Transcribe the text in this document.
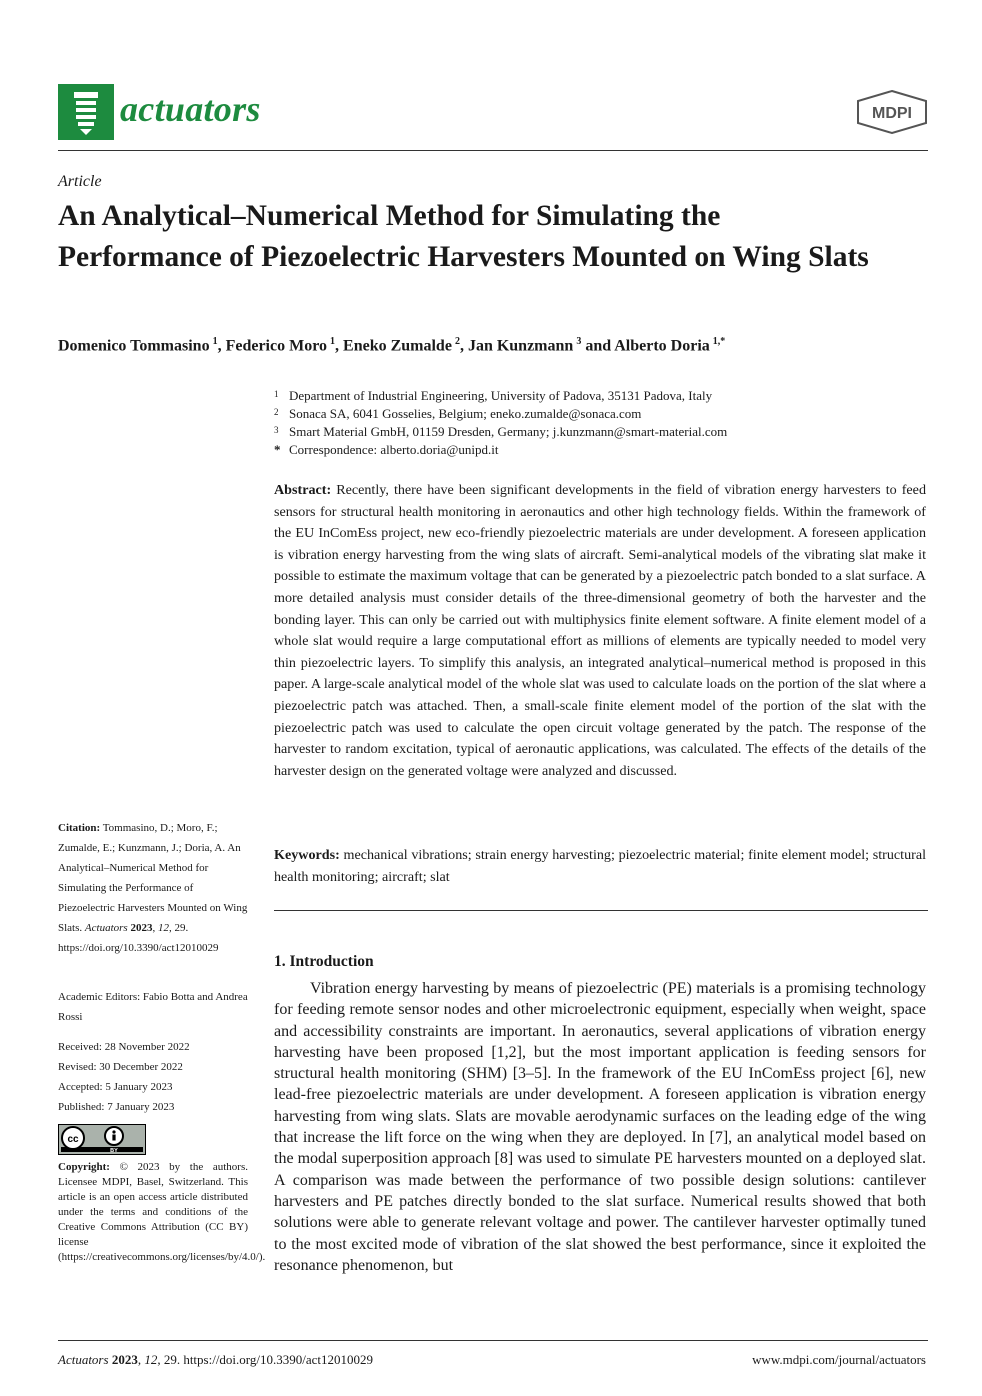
actuators	MDPI
Article
An Analytical–Numerical Method for Simulating the Performance of Piezoelectric Harvesters Mounted on Wing Slats
Domenico Tommasino $^1$, Federico Moro $^1$, Eneko Zumalde $^2$, Jan Kunzmann $^3$ and Alberto Doria $^{1,*}$
1 Department of Industrial Engineering, University of Padova, 35131 Padova, Italy
2 Sonaca SA, 6041 Gosselies, Belgium; eneko.zumalde@sonaca.com
3 Smart Material GmbH, 01159 Dresden, Germany; j.kunzmann@smart-material.com
* Correspondence: alberto.doria@unipd.it
Abstract: Recently, there have been significant developments in the field of vibration energy harvesters to feed sensors for structural health monitoring in aeronautics and other high technology fields. Within the framework of the EU InComEss project, new eco-friendly piezoelectric materials are under development. A foreseen application is vibration energy harvesting from the wing slats of aircraft. Semi-analytical models of the vibrating slat make it possible to estimate the maximum voltage that can be generated by a piezoelectric patch bonded to a slat surface. A more detailed analysis must consider details of the three-dimensional geometry of both the harvester and the bonding layer. This can only be carried out with multiphysics finite element software. A finite element model of a whole slat would require a large computational effort as millions of elements are typically needed to model very thin piezoelectric layers. To simplify this analysis, an integrated analytical–numerical method is proposed in this paper. A large-scale analytical model of the whole slat was used to calculate loads on the portion of the slat where a piezoelectric patch was attached. Then, a small-scale finite element model of the portion of the slat with the piezoelectric patch was used to calculate the open circuit voltage generated by the patch. The response of the harvester to random excitation, typical of aeronautic applications, was calculated. The effects of the details of the harvester design on the generated voltage were analyzed and discussed.
Keywords: mechanical vibrations; strain energy harvesting; piezoelectric material; finite element model; structural health monitoring; aircraft; slat
1. Introduction
Vibration energy harvesting by means of piezoelectric (PE) materials is a promising technology for feeding remote sensor nodes and other microelectronic equipment, especially when weight, space and accessibility constraints are important. In aeronautics, several applications of vibration energy harvesting have been proposed [1,2], but the most important application is feeding sensors for structural health monitoring (SHM) [3–5]. In the framework of the EU InComEss project [6], new lead-free piezoelectric materials are under development. A foreseen application is vibration energy harvesting from wing slats. Slats are movable aerodynamic surfaces on the leading edge of the wing that increase the lift force on the wing when they are deployed. In [7], an analytical model based on the modal superposition approach [8] was used to simulate PE harvesters mounted on a deployed slat. A comparison was made between the performance of two possible design solutions: cantilever harvesters and PE patches directly bonded to the slat surface. Numerical results showed that both solutions were able to generate relevant voltage and power. The cantilever harvester optimally tuned to the most excited mode of vibration of the slat showed the best performance, since it exploited the resonance phenomenon, but
Citation: Tommasino, D.; Moro, F.; Zumalde, E.; Kunzmann, J.; Doria, A. An Analytical–Numerical Method for Simulating the Performance of Piezoelectric Harvesters Mounted on Wing Slats. Actuators 2023, 12, 29. https://doi.org/10.3390/act12010029
Academic Editors: Fabio Botta and Andrea Rossi
Received: 28 November 2022
Revised: 30 December 2022
Accepted: 5 January 2023
Published: 7 January 2023
cc
BY
Copyright: © 2023 by the authors. Licensee MDPI, Basel, Switzerland. This article is an open access article distributed under the terms and conditions of the Creative Commons Attribution (CC BY) license (https://creativecommons.org/licenses/by/4.0/).
Actuators 2023, 12, 29. https://doi.org/10.3390/act12010029	www.mdpi.com/journal/actuators
